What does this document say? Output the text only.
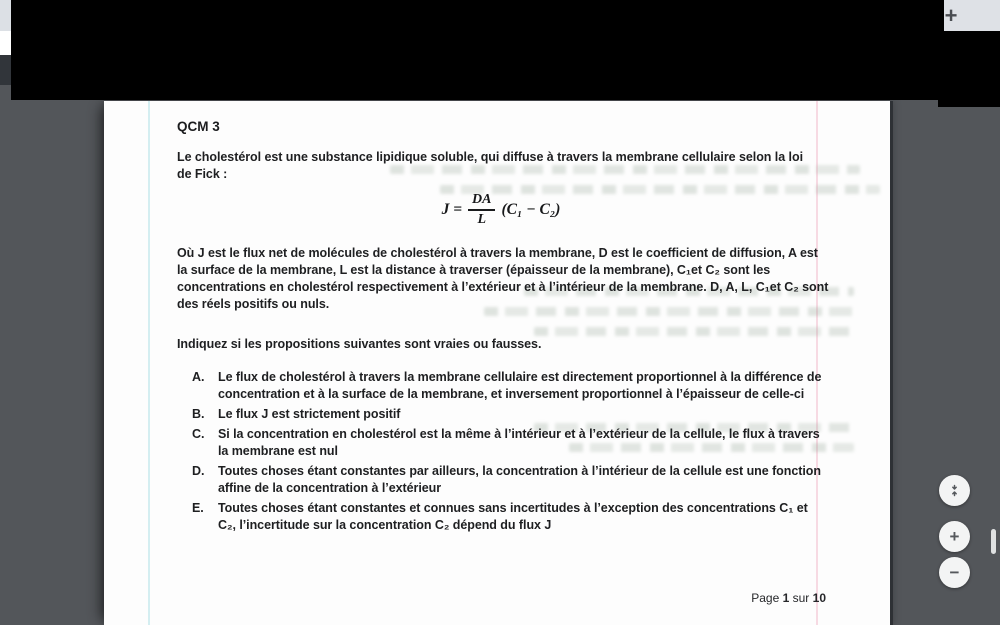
+
QCM 3

Le cholestérol est une substance lipidique soluble, qui diffuse à travers la membrane cellulaire selon la loi de Fick :

$J = \frac{DA}{L} (C_1 - C_2)$

Où J est le flux net de molécules de cholestérol à travers la membrane, D est le coefficient de diffusion, A est la surface de la membrane, L est la distance à traverser (épaisseur de la membrane), C₁et C₂ sont les concentrations en cholestérol respectivement à l’extérieur et à l’intérieur de la membrane. D, A, L, C₁et C₂ sont des réels positifs ou nuls.

Indiquez si les propositions suivantes sont vraies ou fausses.

A.	Le flux de cholestérol à travers la membrane cellulaire est directement proportionnel à la différence de concentration et à la surface de la membrane, et inversement proportionnel à l’épaisseur de celle-ci
B.	Le flux J est strictement positif
C.	Si la concentration en cholestérol est la même à l’intérieur et à l’extérieur de la cellule, le flux à travers la membrane est nul
D.	Toutes choses étant constantes par ailleurs, la concentration à l’intérieur de la cellule est une fonction affine de la concentration à l’extérieur
E.	Toutes choses étant constantes et connues sans incertitudes à l’exception des concentrations C₁ et C₂, l’incertitude sur la concentration C₂ dépend du flux J
Page 1 sur 10
+
−
